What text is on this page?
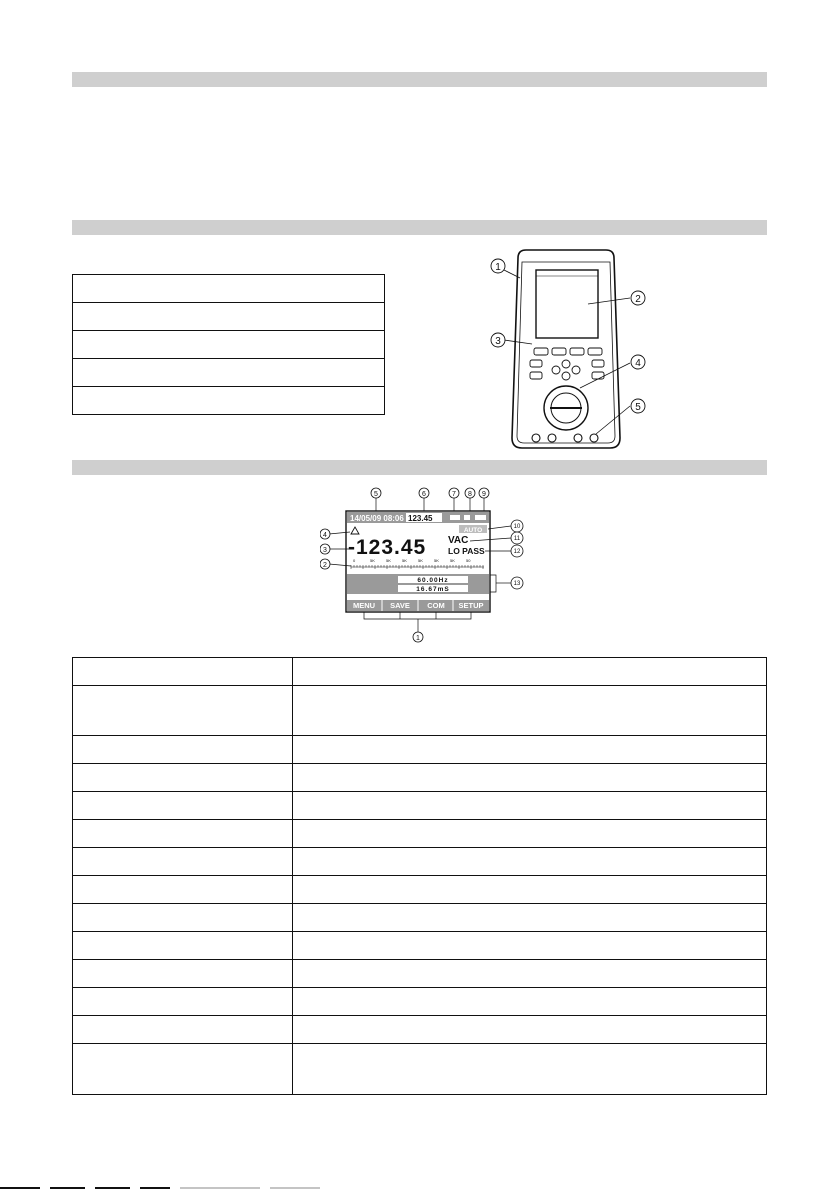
1
2
3
4
5
5	6	7 8 9
14/05/09 08:06 123.45
AUTO
-123.45 VAC
LO PASS
0	5K	5K	5K	5K	5K	5K	50
60.00Hz
16.67mS
MENU SAVE COM SETUP
1
4
3
2
10
11
12
13
